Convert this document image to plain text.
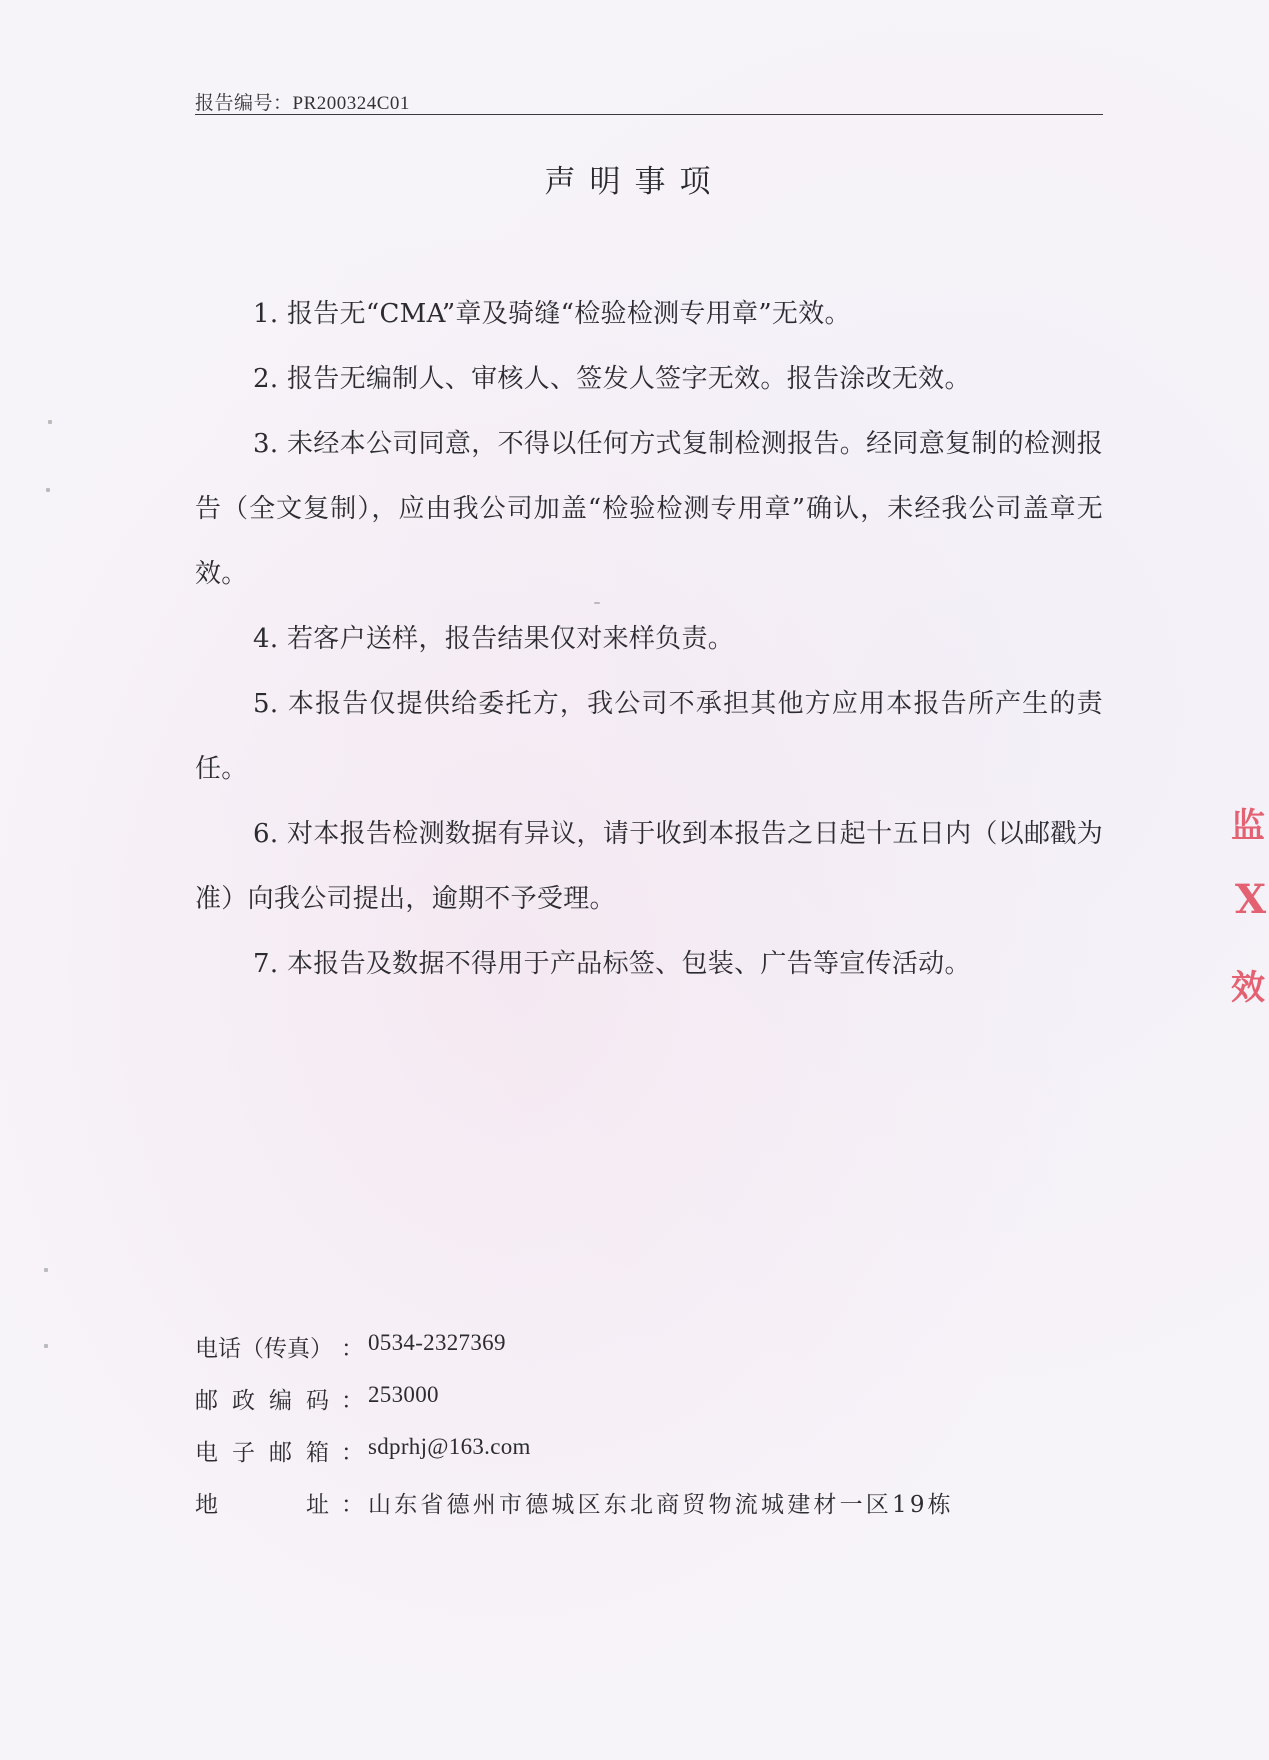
报告编号：PR200324C01
声明事项

1. 报告无“CMA”章及骑缝“检验检测专用章”无效。

2. 报告无编制人、审核人、签发人签字无效。报告涂改无效。

3. 未经本公司同意，不得以任何方式复制检测报告。经同意复制的检测报告（全文复制），应由我公司加盖“检验检测专用章”确认，未经我公司盖章无效。

4. 若客户送样，报告结果仅对来样负责。

5. 本报告仅提供给委托方，我公司不承担其他方应用本报告所产生的责任。

6. 对本报告检测数据有异议，请于收到本报告之日起十五日内（以邮戳为准）向我公司提出，逾期不予受理。

7. 本报告及数据不得用于产品标签、包装、广告等宣传活动。

电话（传真） ： 0534-2327369
邮 政 编 码 ： 253000
电 子 邮 箱 ： sdprhj@163.com
地	址 ： 山东省德州市德城区东北商贸物流城建材一区19栋
监
X
效
